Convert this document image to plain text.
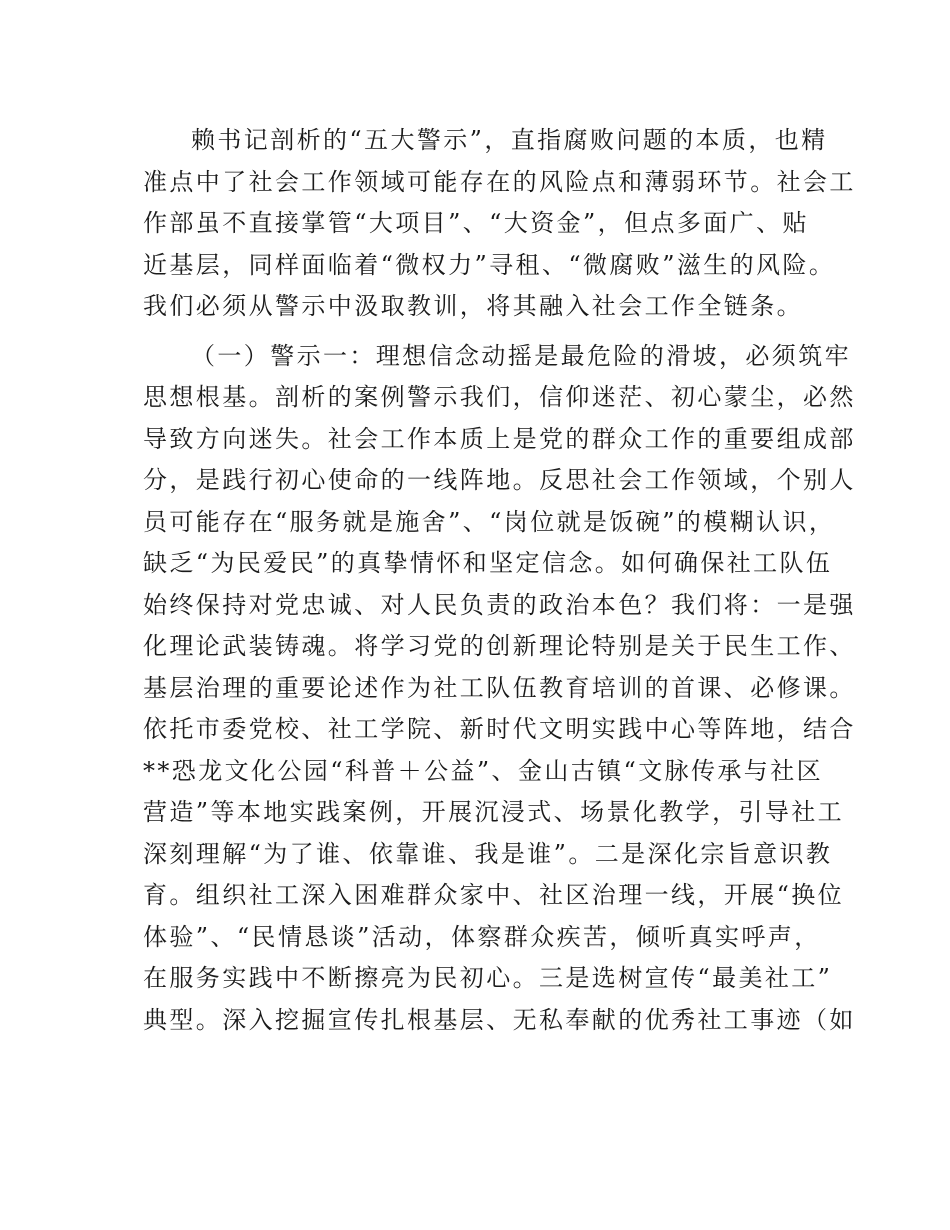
赖书记剖析的“五大警示”，直指腐败问题的本质，也精
准点中了社会工作领域可能存在的风险点和薄弱环节。社会工
作部虽不直接掌管“大项目”、“大资金”，但点多面广、贴
近基层，同样面临着“微权力”寻租、“微腐败”滋生的风险。
我们必须从警示中汲取教训，将其融入社会工作全链条。
（一）警示一：理想信念动摇是最危险的滑坡，必须筑牢
思想根基。剖析的案例警示我们，信仰迷茫、初心蒙尘，必然
导致方向迷失。社会工作本质上是党的群众工作的重要组成部
分，是践行初心使命的一线阵地。反思社会工作领域，个别人
员可能存在“服务就是施舍”、“岗位就是饭碗”的模糊认识，
缺乏“为民爱民”的真挚情怀和坚定信念。如何确保社工队伍
始终保持对党忠诚、对人民负责的政治本色？我们将：一是强
化理论武装铸魂。将学习党的创新理论特别是关于民生工作、
基层治理的重要论述作为社工队伍教育培训的首课、必修课。
依托市委党校、社工学院、新时代文明实践中心等阵地，结合
**恐龙文化公园“科普＋公益”、金山古镇“文脉传承与社区
营造”等本地实践案例，开展沉浸式、场景化教学，引导社工
深刻理解“为了谁、依靠谁、我是谁”。二是深化宗旨意识教
育。组织社工深入困难群众家中、社区治理一线，开展“换位
体验”、“民情恳谈”活动，体察群众疾苦，倾听真实呼声，
在服务实践中不断擦亮为民初心。三是选树宣传“最美社工”
典型。深入挖掘宣传扎根基层、无私奉献的优秀社工事迹（如
